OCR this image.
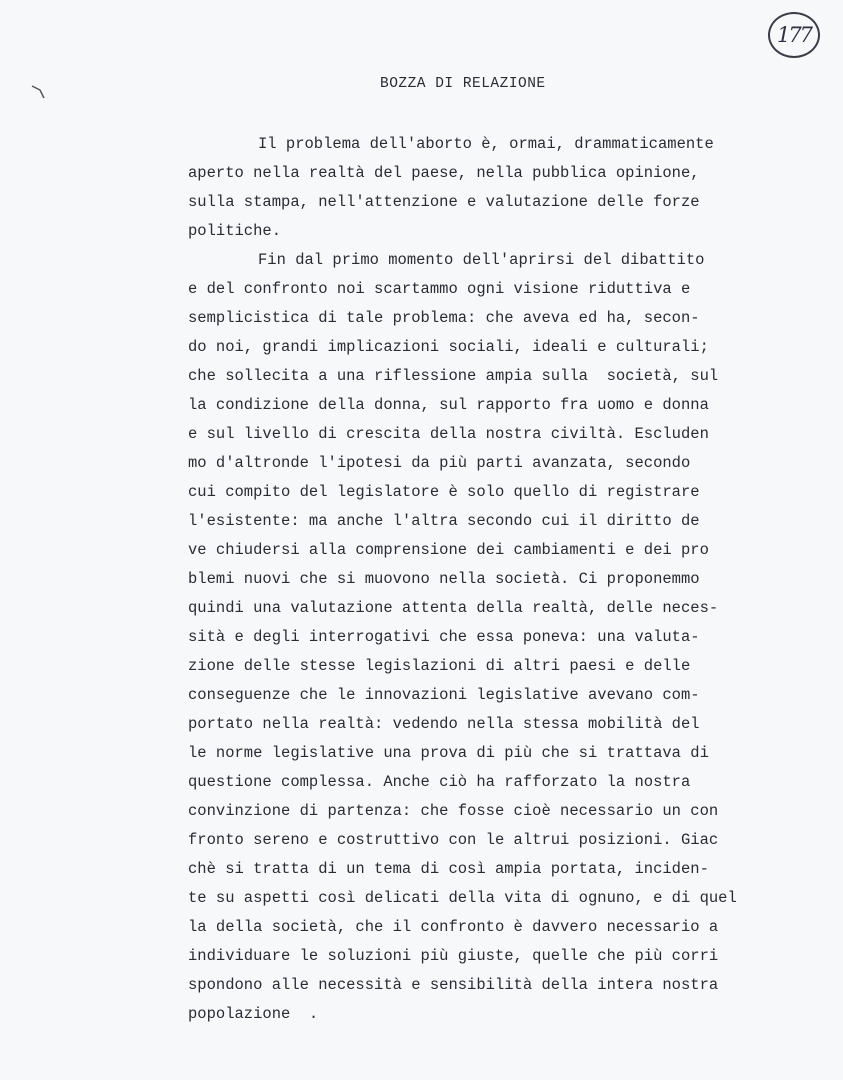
177
BOZZA DI RELAZIONE
Il problema dell'aborto è, ormai, drammaticamente
aperto nella realtà del paese, nella pubblica opinione,
sulla stampa, nell'attenzione e valutazione delle forze
politiche.
Fin dal primo momento dell'aprirsi del dibattito
e del confronto noi scartammo ogni visione riduttiva e
semplicistica di tale problema: che aveva ed ha, secon-
do noi, grandi implicazioni sociali, ideali e culturali;
che sollecita a una riflessione ampia sulla  società, sul
la condizione della donna, sul rapporto fra uomo e donna
e sul livello di crescita della nostra civiltà. Escluden
mo d'altronde l'ipotesi da più parti avanzata, secondo
cui compito del legislatore è solo quello di registrare
l'esistente: ma anche l'altra secondo cui il diritto de
ve chiudersi alla comprensione dei cambiamenti e dei pro
blemi nuovi che si muovono nella società. Ci proponemmo
quindi una valutazione attenta della realtà, delle neces-
sità e degli interrogativi che essa poneva: una valuta-
zione delle stesse legislazioni di altri paesi e delle
conseguenze che le innovazioni legislative avevano com-
portato nella realtà: vedendo nella stessa mobilità del
le norme legislative una prova di più che si trattava di
questione complessa. Anche ciò ha rafforzato la nostra
convinzione di partenza: che fosse cioè necessario un con
fronto sereno e costruttivo con le altrui posizioni. Giac
chè si tratta di un tema di così ampia portata, inciden-
te su aspetti così delicati della vita di ognuno, e di quel
la della società, che il confronto è davvero necessario a
individuare le soluzioni più giuste, quelle che più corri
spondono alle necessità e sensibilità della intera nostra
popolazione  .
